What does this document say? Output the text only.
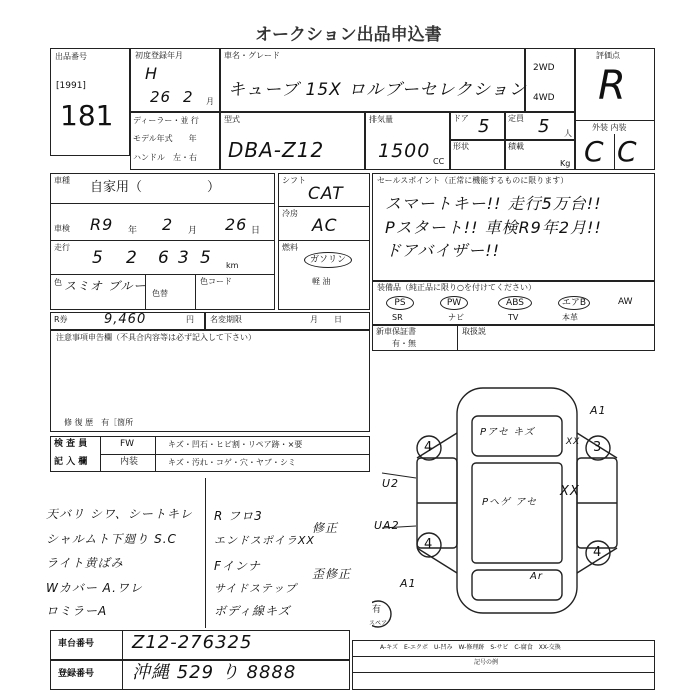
オークション出品申込書
出品番号
[1991]
181
初度登録年月
H
26 2 月
車名・グレード
キューブ 15X ロルブーセレクション
2WD
4WD
評価点
R
外装 内装
C C
ディーラー・並 行
モデル年式　　年
ハンドル　左・右
型式
DBA-Z12
排気量
1500 CC
ドア 5 定員 5 人
形状	積載
Kg
車種 自家用（　　　　　）
車検 R9 年 2 月 26 日
走行
5 2 6 3 5 km
色 スミオ ブルー
色替
色コード
シフト
CAT
冷房
AC
燃料
ガソリン
軽 油
セールスポイント（正常に機能するものに限ります）
スマートキー!! 走行5万台!!
Pスタート!! 車検R9年2月!!
ドアバイザー!!
装備品（純正品に限り○を付けてください）
PS	PW	ABS	エアB	AW
SR	ナビ	TV	本革
R券	9,460	円 名変期限	月　　日
新車保証書
有・無
取扱説
注意事項申告欄（不具合内容等は必ず記入して下さい）
修 復 歴　有［箇所
検 査 員
記 入 欄
FW	キズ・凹石・ヒビ割・リペア跡・×要
内装	キズ・汚れ・コゲ・穴・ヤブ・シミ
天バリ シワ、シートキレ
シャルムト下廻り S.C
ライト黄ばみ
Wカバー A.ワレ
ロミラーA
R フロ3
エンドスポイラXX
Fインナ
サイドステップ
ボディ線キズ
修正
歪修正
4	3
4
4
Pアセ キズ
Pヘゲ アセ
XX
XX
A1
U2
UA2
A1
Ar
有
スペア
A-キズ　E-エクボ　U-凹み　W-修理跡　S-サビ　C-腐食　XX-交換
記号の例
車台番号 Z12-276325
登録番号 沖縄 529 り 8888
